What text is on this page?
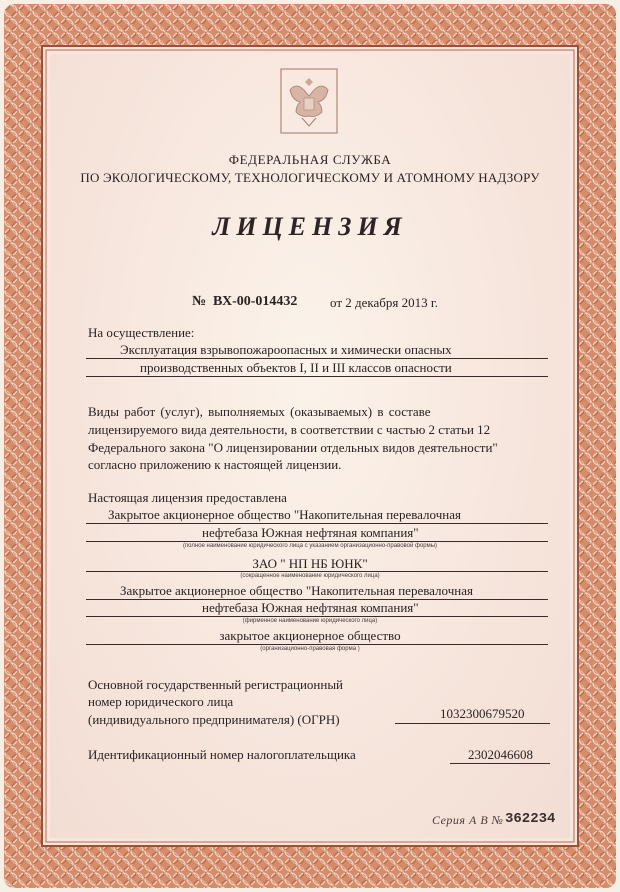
ФЕДЕРАЛЬНАЯ СЛУЖБА
ПО ЭКОЛОГИЧЕСКОМУ, ТЕХНОЛОГИЧЕСКОМУ И АТОМНОМУ НАДЗОРУ
ЛИЦЕНЗИЯ
№ ВХ-00-014432	от 2 декабря 2013 г.
На осуществление:
Эксплуатация взрывопожароопасных и химически опасных
производственных объектов I, II и III классов опасности
Виды работ (услуг), выполняемых (оказываемых) в составе
лицензируемого вида деятельности, в соответствии с частью 2 статьи 12
Федерального закона "О лицензировании отдельных видов деятельности"
согласно приложению к настоящей лицензии.
Настоящая лицензия предоставлена
Закрытое акционерное общество "Накопительная перевалочная
нефтебаза Южная нефтяная компания"
(полное наименование юридического лица с указанием организационно-правовой формы)
ЗАО " НП НБ ЮНК"
(сокращенное наименование юридического лица)
Закрытое акционерное общество "Накопительная перевалочная
нефтебаза Южная нефтяная компания"
(фирменное наименование юридического лица)
закрытое акционерное общество
(организационно-правовая форма )
Основной государственный регистрационный
номер юридического лица
(индивидуального предпринимателя) (ОГРН)	1032300679520
Идентификационный номер налогоплательщика	2302046608
Серия А В № 362234
